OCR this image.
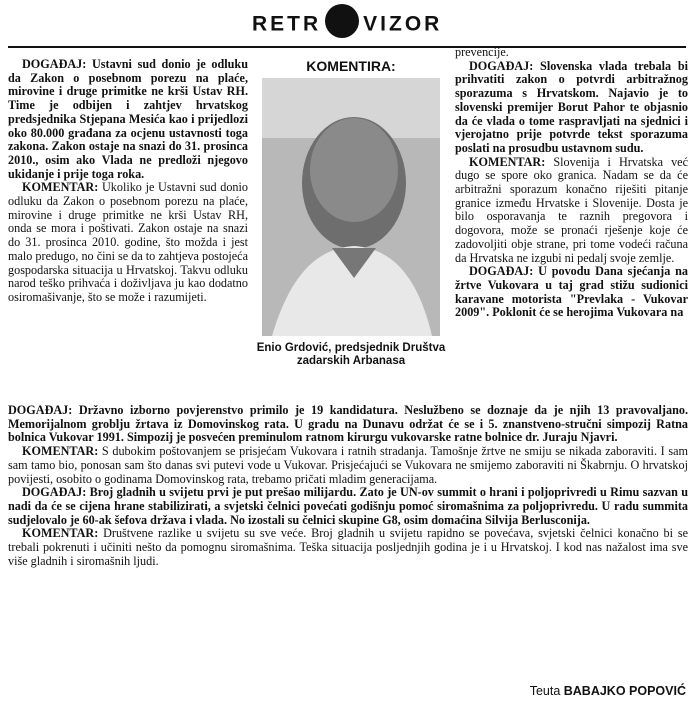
RETR VIZOR

DOGAĐAJ: Ustavni sud donio je odluku da Zakon o posebnom porezu na plaće, mirovine i druge primitke ne krši Ustav RH. Time je odbijen i zahtjev hrvatskog predsjednika Stjepana Mesića kao i prijedlozi oko 80.000 građana za ocjenu ustavnosti toga zakona. Zakon ostaje na snazi do 31. prosinca 2010., osim ako Vlada ne predloži njegovo ukidanje i prije toga roka.

KOMENTAR: Ukoliko je Ustavni sud donio odluku da Zakon o posebnom porezu na plaće, mirovine i druge primitke ne krši Ustav RH, onda se mora i poštivati. Zakon ostaje na snazi do 31. prosinca 2010. godine, što možda i jest malo predugo, no čini se da to zahtjeva postojeća gospodarska situacija u Hrvatskoj. Takvu odluku narod teško prihvaća i doživljava ju kao dodatno osiromašivanje, što se može i razumijeti.

KOMENTIRA:
Enio Grdović, predsjednik Društva zadarskih Arbanasa

prevencije.

DOGAĐAJ: Slovenska vlada trebala bi prihvatiti zakon o potvrdi arbitražnog sporazuma s Hrvatskom. Najavio je to slovenski premijer Borut Pahor te objasnio da će vlada o tome raspravljati na sjednici i vjerojatno prije potvrde tekst sporazuma poslati na prosudbu ustavnom sudu.

KOMENTAR: Slovenija i Hrvatska već dugo se spore oko granica. Nadam se da će arbitražni sporazum konačno riješiti pitanje granice između Hrvatske i Slovenije. Dosta je bilo osporavanja te raznih pregovora i dogovora, može se pronaći rješenje koje će zadovoljiti obje strane, pri tome vodeći računa da Hrvatska ne izgubi ni pedalj svoje zemlje.

DOGAĐAJ: U povodu Dana sjećanja na žrtve Vukovara u taj grad stižu sudionici karavane motorista "Prevlaka - Vukovar 2009". Poklonit će se herojima Vukovara na

DOGAĐAJ: Državno izborno povjerenstvo primilo je 19 kandidatura. Neslužbeno se doznaje da je njih 13 pravovaljano. Memorijalnom groblju žrtava iz Domovinskog rata. U gradu na Dunavu održat će se i 5. znanstveno-stručni simpozij Ratna bolnica Vukovar 1991. Simpozij je posvećen preminulom ratnom kirurgu vukovarske ratne bolnice dr. Juraju Njavri.

KOMENTAR: S dubokim poštovanjem se prisjećam Vukovara i ratnih stradanja. Tamošnje žrtve ne smiju se nikada zaboraviti. I sam sam tamo bio, ponosan sam što danas svi putevi vode u Vukovar. Prisjećajući se Vukovara ne smijemo zaboraviti ni Škabrnju. O hrvatskoj povijesti, osobito o godinama Domovinskog rata, trebamo pričati mladim generacijama.

DOGAĐAJ: Broj gladnih u svijetu prvi je put prešao milijardu. Zato je UN-ov summit o hrani i poljoprivredi u Rimu sazvan u nadi da će se cijena hrane stabilizirati, a svjetski čelnici povećati godišnju pomoć siromašnima za poljoprivredu. U radu summita sudjelovalo je 60-ak šefova država i vlada. No izostali su čelnici skupine G8, osim domaćina Silvija Berlusconija.

KOMENTAR: Društvene razlike u svijetu su sve veće. Broj gladnih u svijetu rapidno se povećava, svjetski čelnici konačno bi se trebali pokrenuti i učiniti nešto da pomognu siromašnima. Teška situacija posljednjih godina je i u Hrvatskoj. I kod nas nažalost ima sve više gladnih i siromašnih ljudi.

Teuta BABAJKO POPOVIĆ
